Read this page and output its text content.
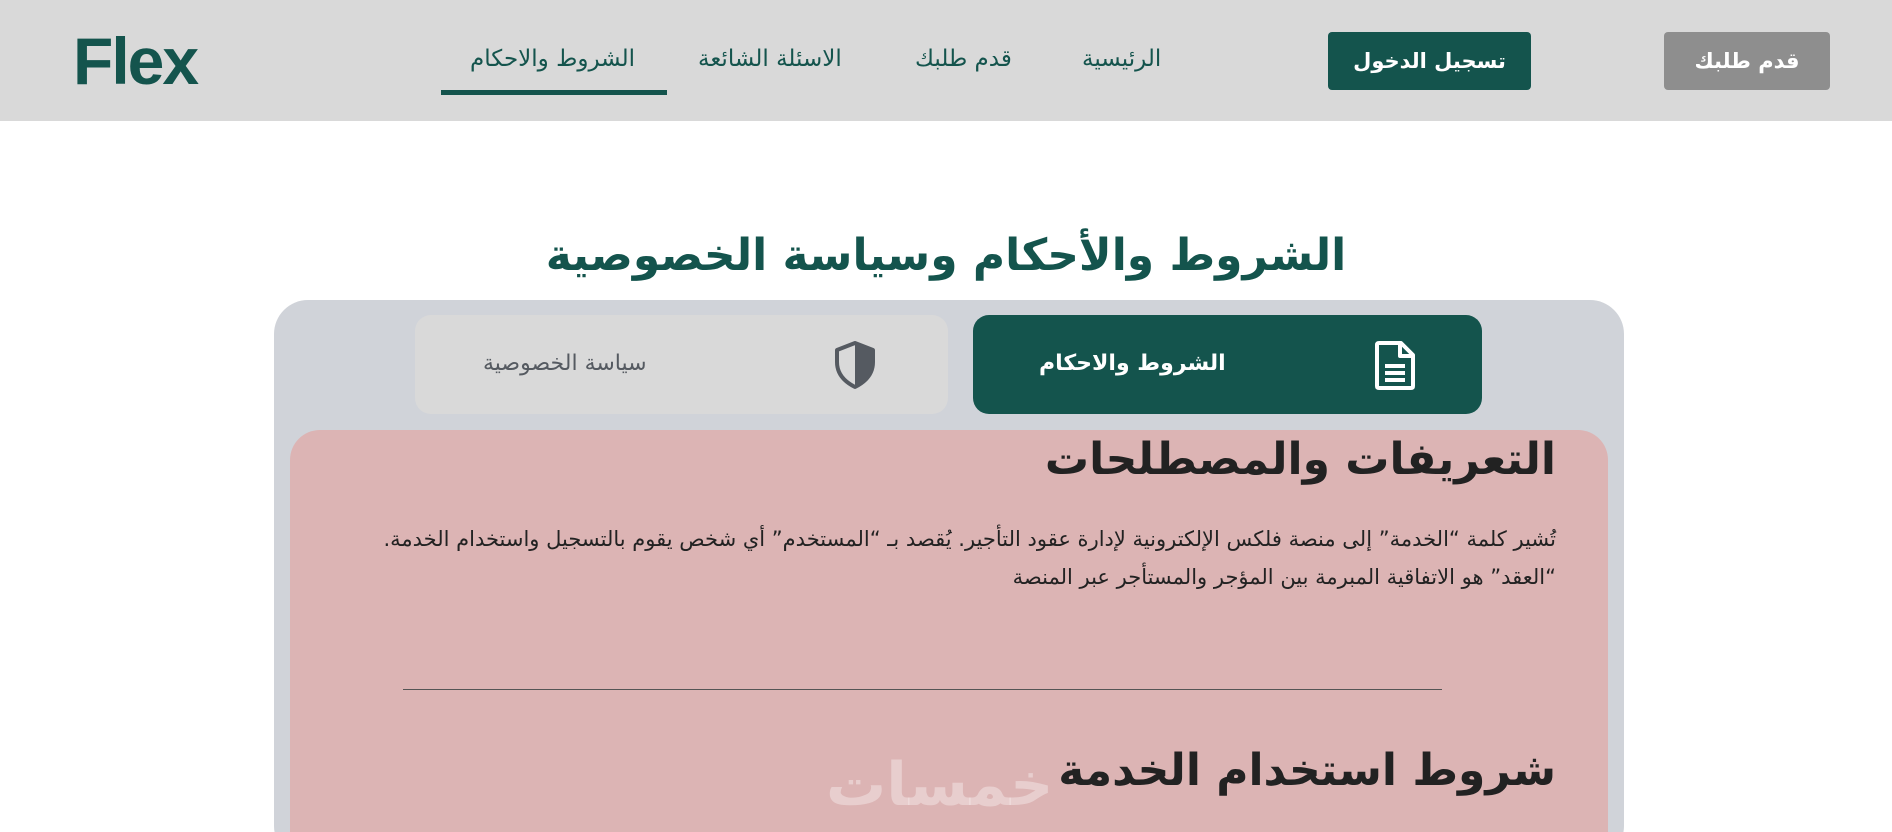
Flex	الشروط والاحكام	الاسئلة الشائعة	قدم طلبك	الرئيسية	تسجيل الدخول	قدم طلبك
الشروط والأحكام وسياسة الخصوصية
الشروط والاحكام
سياسة الخصوصية
التعريفات والمصطلحات

تُشير كلمة “الخدمة” إلى منصة فلكس الإلكترونية لإدارة عقود التأجير. يُقصد بـ “المستخدم” أي شخص يقوم بالتسجيل واستخدام الخدمة. “العقد” هو الاتفاقية المبرمة بين المؤجر والمستأجر عبر المنصة

شروط استخدام الخدمة
خمسات
